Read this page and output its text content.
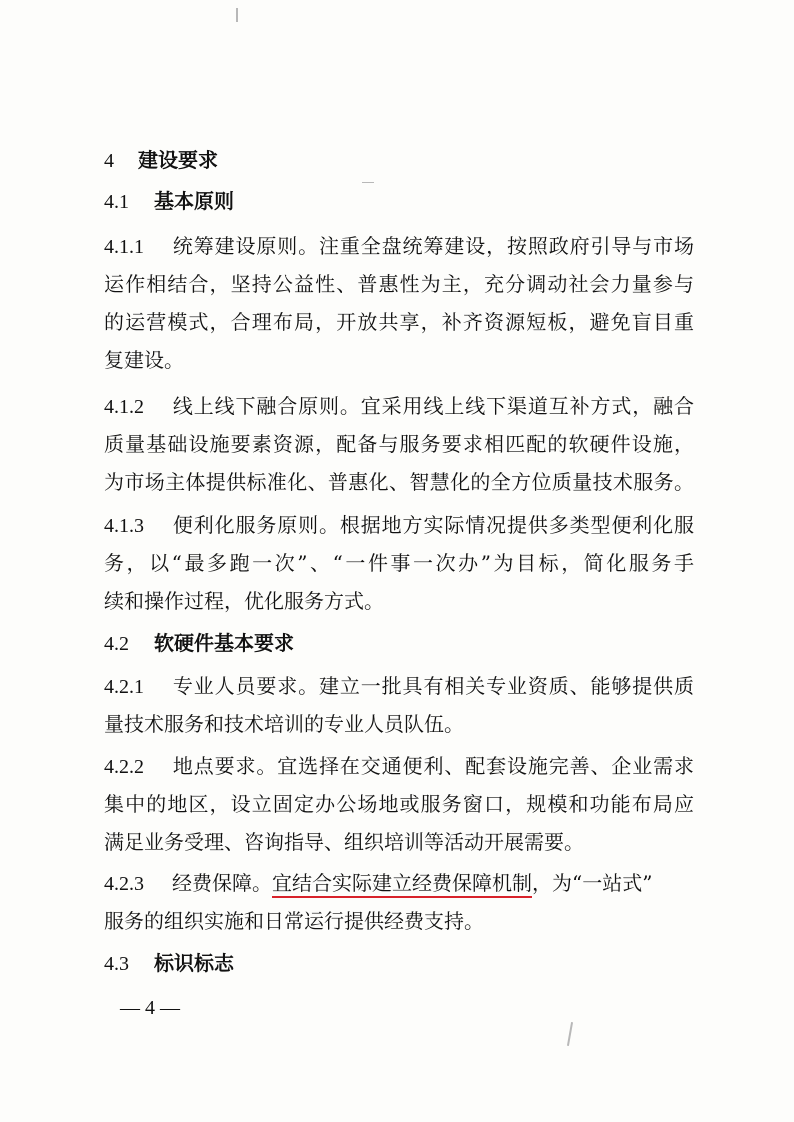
4 建设要求
4.1 基本原则
4.1.1 统筹建设原则。注重全盘统筹建设，按照政府引导与市场
运作相结合，坚持公益性、普惠性为主，充分调动社会力量参与
的运营模式，合理布局，开放共享，补齐资源短板，避免盲目重
复建设。
4.1.2 线上线下融合原则。宜采用线上线下渠道互补方式，融合
质量基础设施要素资源，配备与服务要求相匹配的软硬件设施，
为市场主体提供标准化、普惠化、智慧化的全方位质量技术服务。
4.1.3 便利化服务原则。根据地方实际情况提供多类型便利化服
务，以“最多跑一次”、“一件事一次办”为目标，简化服务手
续和操作过程，优化服务方式。
4.2 软硬件基本要求
4.2.1 专业人员要求。建立一批具有相关专业资质、能够提供质
量技术服务和技术培训的专业人员队伍。
4.2.2 地点要求。宜选择在交通便利、配套设施完善、企业需求
集中的地区，设立固定办公场地或服务窗口，规模和功能布局应
满足业务受理、咨询指导、组织培训等活动开展需要。
4.2.3 经费保障。宜结合实际建立经费保障机制，为“一站式”
服务的组织实施和日常运行提供经费支持。
4.3 标识标志
— 4 —
